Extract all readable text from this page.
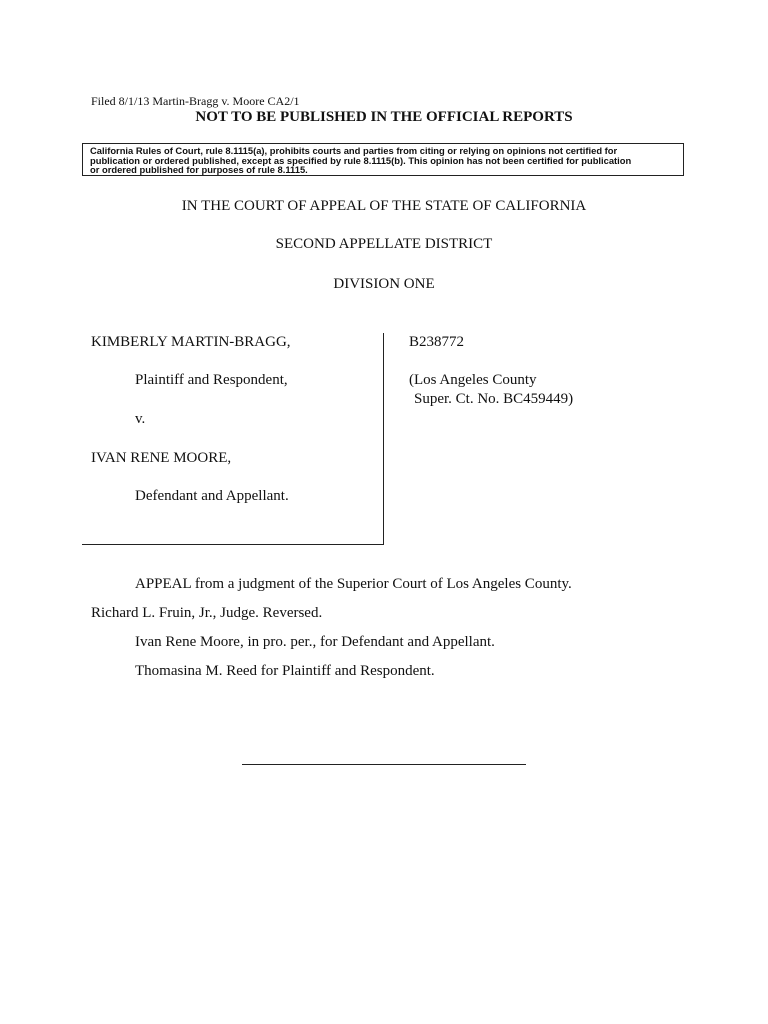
Filed 8/1/13 Martin-Bragg v. Moore CA2/1
NOT TO BE PUBLISHED IN THE OFFICIAL REPORTS
California Rules of Court, rule 8.1115(a), prohibits courts and parties from citing or relying on opinions not certified for
publication or ordered published, except as specified by rule 8.1115(b). This opinion has not been certified for publication
or ordered published for purposes of rule 8.1115.
IN THE COURT OF APPEAL OF THE STATE OF CALIFORNIA
SECOND APPELLATE DISTRICT
DIVISION ONE
KIMBERLY MARTIN-BRAGG,
Plaintiff and Respondent,
v.
IVAN RENE MOORE,
Defendant and Appellant.
B238772
(Los Angeles County
Super. Ct. No. BC459449)
APPEAL from a judgment of the Superior Court of Los Angeles County.
Richard L. Fruin, Jr., Judge. Reversed.
Ivan Rene Moore, in pro. per., for Defendant and Appellant.
Thomasina M. Reed for Plaintiff and Respondent.
